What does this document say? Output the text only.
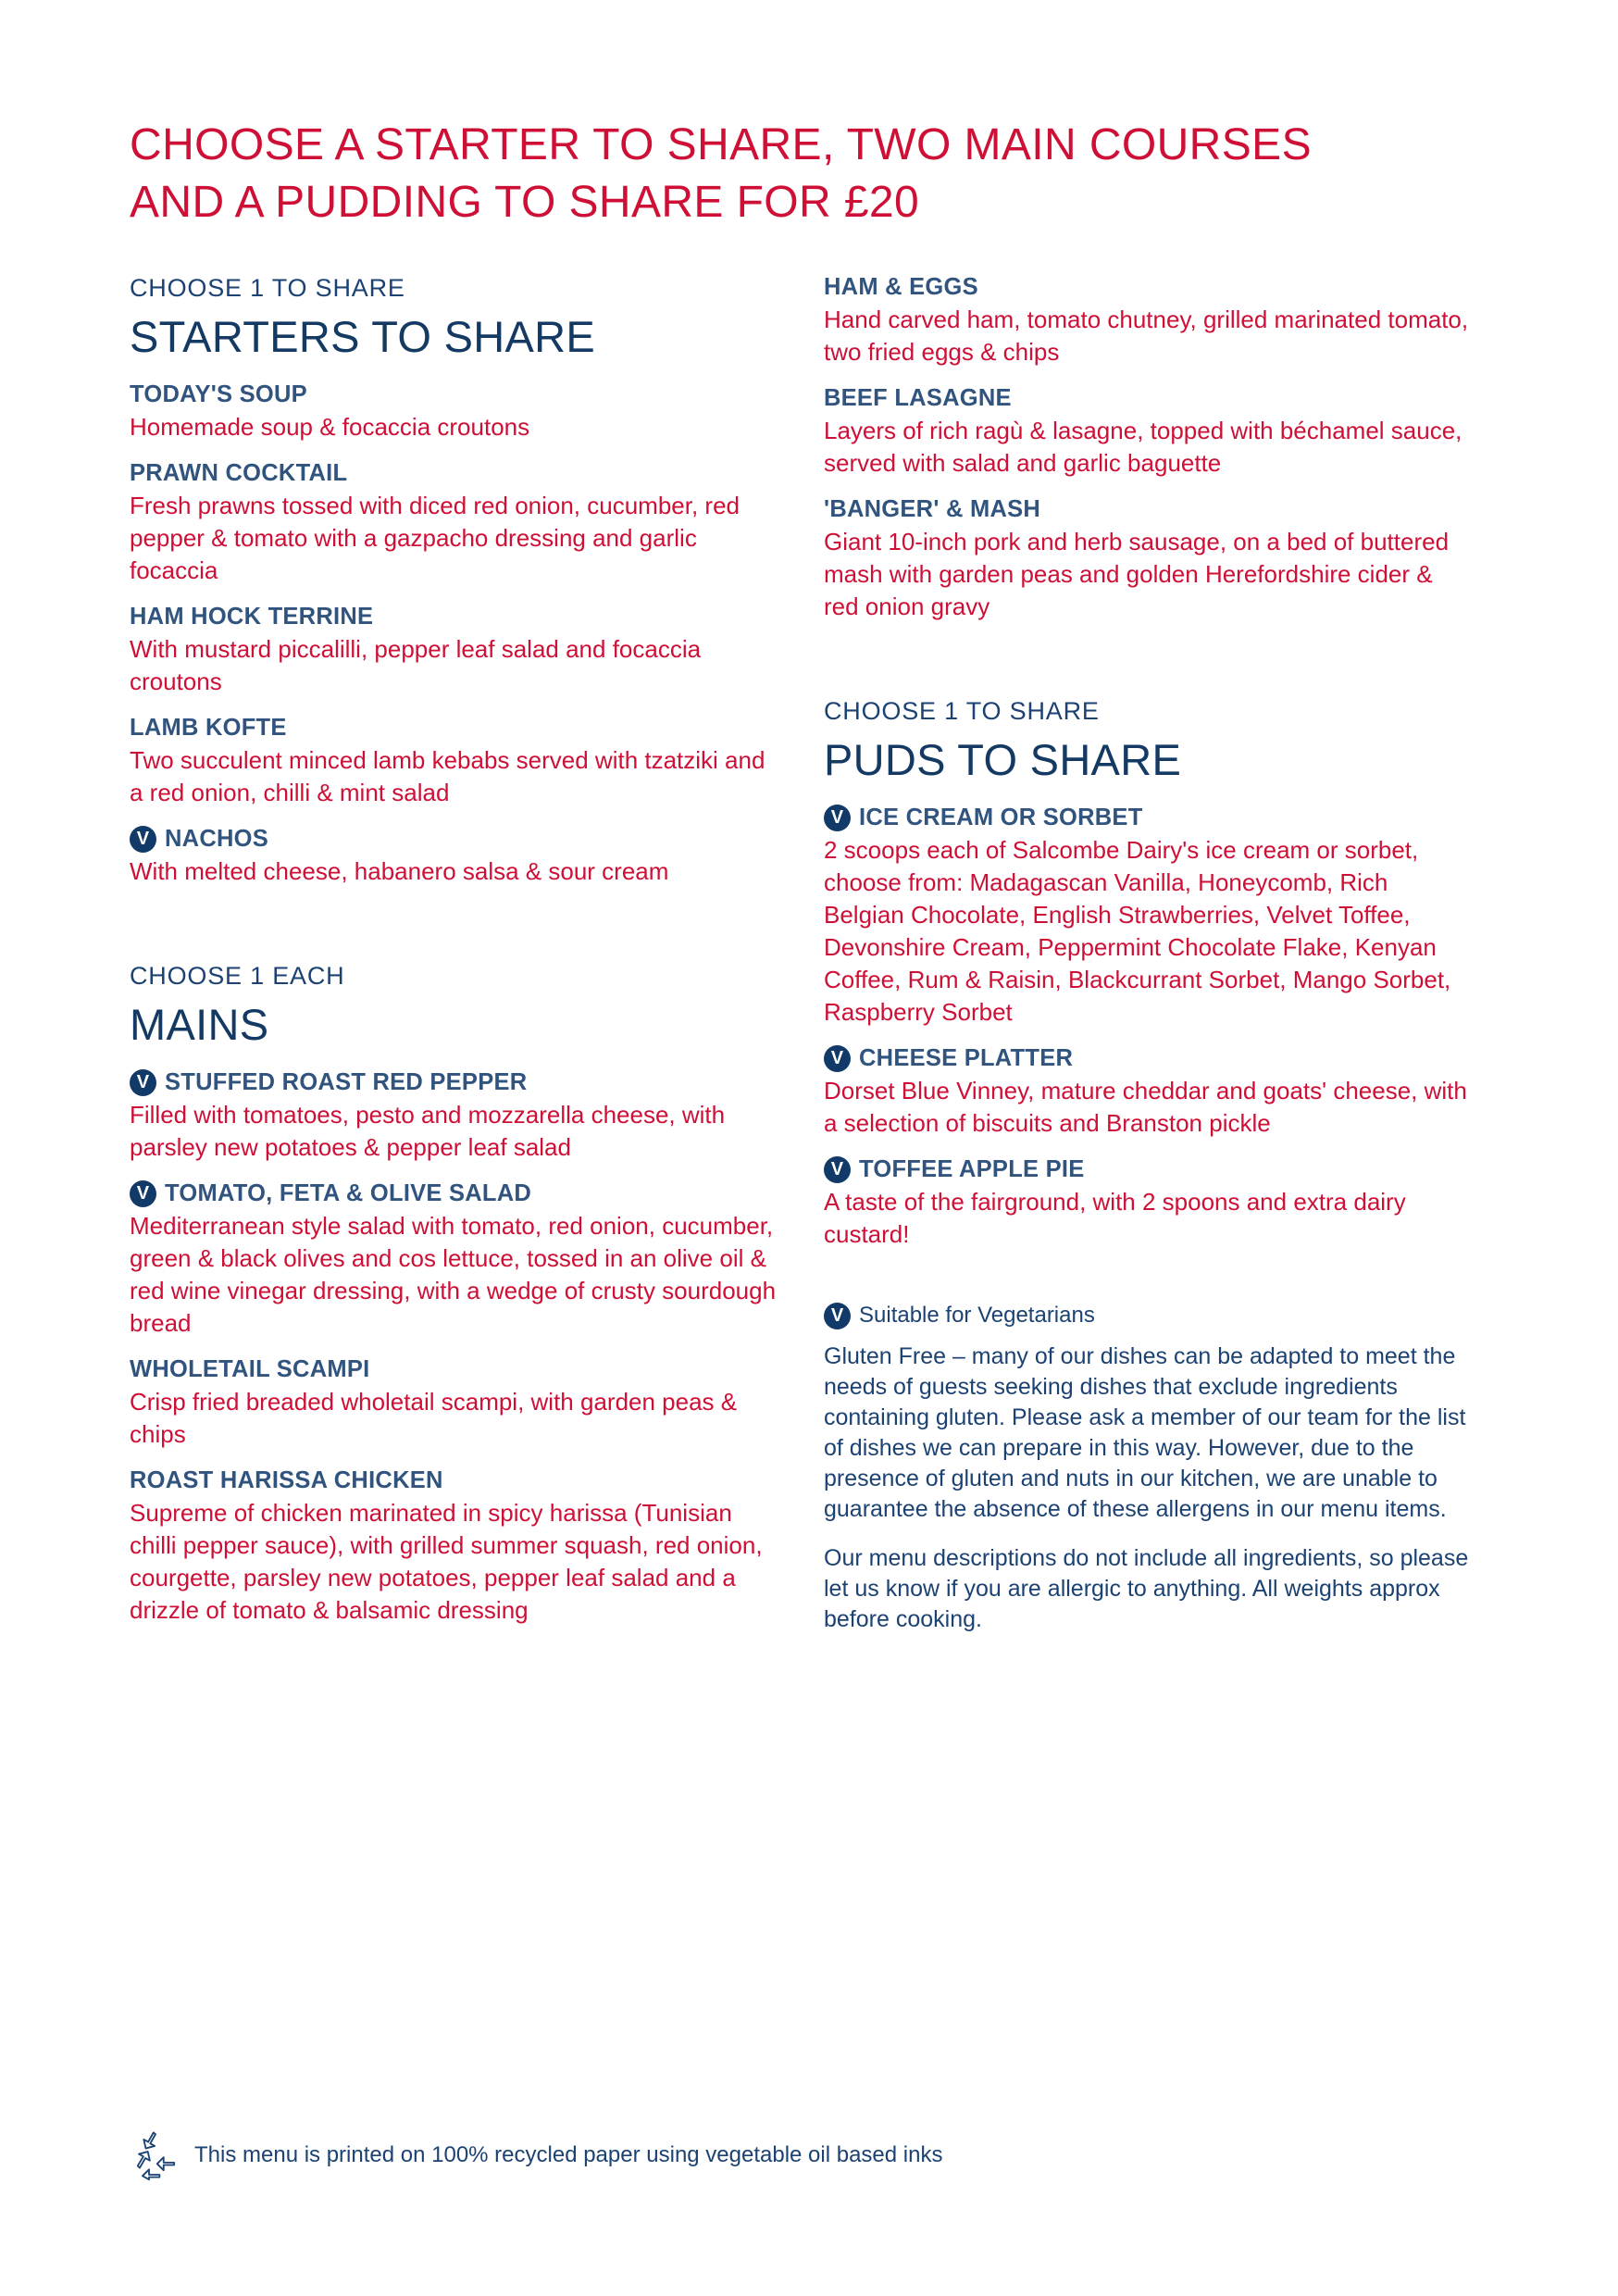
CHOOSE A STARTER TO SHARE, TWO MAIN COURSES
AND A PUDDING TO SHARE FOR £20
CHOOSE 1 TO SHARE
STARTERS TO SHARE
TODAY'S SOUP
Homemade soup & focaccia croutons
PRAWN COCKTAIL
Fresh prawns tossed with diced red onion, cucumber, red pepper & tomato with a gazpacho dressing and garlic focaccia
HAM HOCK TERRINE
With mustard piccalilli, pepper leaf salad and focaccia croutons
LAMB KOFTE
Two succulent minced lamb kebabs served with tzatziki and a red onion, chilli & mint salad
V NACHOS
With melted cheese, habanero salsa & sour cream
CHOOSE 1 EACH
MAINS
V STUFFED ROAST RED PEPPER
Filled with tomatoes, pesto and mozzarella cheese, with parsley new potatoes & pepper leaf salad
V TOMATO, FETA & OLIVE SALAD
Mediterranean style salad with tomato, red onion, cucumber, green & black olives and cos lettuce, tossed in an olive oil & red wine vinegar dressing, with a wedge of crusty sourdough bread
WHOLETAIL SCAMPI
Crisp fried breaded wholetail scampi, with garden peas & chips
ROAST HARISSA CHICKEN
Supreme of chicken marinated in spicy harissa (Tunisian chilli pepper sauce), with grilled summer squash, red onion, courgette, parsley new potatoes, pepper leaf salad and a drizzle of tomato & balsamic dressing
HAM & EGGS
Hand carved ham, tomato chutney, grilled marinated tomato, two fried eggs & chips
BEEF LASAGNE
Layers of rich ragù & lasagne, topped with béchamel sauce, served with salad and garlic baguette
'BANGER' & MASH
Giant 10-inch pork and herb sausage, on a bed of buttered mash with garden peas and golden Herefordshire cider & red onion gravy
CHOOSE 1 TO SHARE
PUDS TO SHARE
V ICE CREAM OR SORBET
2 scoops each of Salcombe Dairy's ice cream or sorbet, choose from: Madagascan Vanilla, Honeycomb, Rich Belgian Chocolate, English Strawberries, Velvet Toffee, Devonshire Cream, Peppermint Chocolate Flake, Kenyan Coffee, Rum & Raisin, Blackcurrant Sorbet, Mango Sorbet, Raspberry Sorbet
V CHEESE PLATTER
Dorset Blue Vinney, mature cheddar and goats' cheese, with a selection of biscuits and Branston pickle
V TOFFEE APPLE PIE
A taste of the fairground, with 2 spoons and extra dairy custard!
V Suitable for Vegetarians

Gluten Free – many of our dishes can be adapted to meet the needs of guests seeking dishes that exclude ingredients containing gluten. Please ask a member of our team for the list of dishes we can prepare in this way. However, due to the presence of gluten and nuts in our kitchen, we are unable to guarantee the absence of these allergens in our menu items.

Our menu descriptions do not include all ingredients, so please let us know if you are allergic to anything. All weights approx before cooking.

This menu is printed on 100% recycled paper using vegetable oil based inks
